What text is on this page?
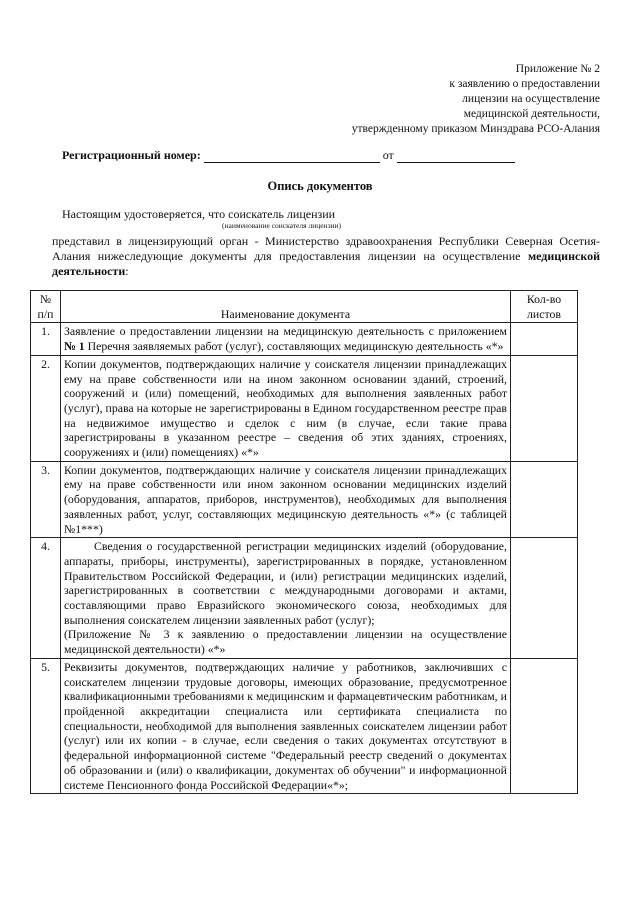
Приложение № 2
к заявлению о предоставлении
лицензии на осуществление
медицинской деятельности,
утвержденному приказом Минздрава РСО-Алания
Регистрационный номер:	от
Опись документов
Настоящим удостоверяется, что соискатель лицензии
(наименование соискателя лицензии)
представил в лицензирующий орган - Министерство здравоохранения Республики Северная Осетия-Алания нижеследующие документы для предоставления лицензии на осуществление медицинской деятельности:
№ п/п	Наименование документа	Кол-во листов
1.	Заявление о предоставлении лицензии на медицинскую деятельность с приложением № 1 Перечня заявляемых работ (услуг), составляющих медицинскую деятельность «*»	
2.	Копии документов, подтверждающих наличие у соискателя лицензии принадлежащих ему на праве собственности или на ином законном основании зданий, строений, сооружений и (или) помещений, необходимых для выполнения заявленных работ (услуг), права на которые не зарегистрированы в Едином государственном реестре прав на недвижимое имущество и сделок с ним (в случае, если такие права зарегистрированы в указанном реестре – сведения об этих зданиях, строениях, сооружениях и (или) помещениях) «*»	
3.	Копии документов, подтверждающих наличие у соискателя лицензии принадлежащих ему на праве собственности или ином законном основании медицинских изделий (оборудования, аппаратов, приборов, инструментов), необходимых для выполнения заявленных работ, услуг, составляющих медицинскую деятельность «*» (с таблицей №1***)	
4.	Сведения о государственной регистрации медицинских изделий (оборудование, аппараты, приборы, инструменты), зарегистрированных в порядке, установленном Правительством Российской Федерации, и (или) регистрации медицинских изделий, зарегистрированных в соответствии с международными договорами и актами, составляющими право Евразийского экономического союза, необходимых для выполнения соискателем лицензии заявленных работ (услуг);
(Приложение № 3 к заявлению о предоставлении лицензии на осуществление медицинской деятельности) «*»	

5.	Реквизиты документов, подтверждающих наличие у работников, заключивших с соискателем лицензии трудовые договоры, имеющих образование, предусмотренное квалификационными требованиями к медицинским и фармацевтическим работникам, и пройденной аккредитации специалиста или сертификата специалиста по специальности, необходимой для выполнения заявленных соискателем лицензии работ (услуг) или их копии - в случае, если сведения о таких документах отсутствуют в федеральной информационной системе "Федеральный реестр сведений о документах об образовании и (или) о квалификации, документах об обучении" и информационной системе Пенсионного фонда Российской Федерации«*»;	
